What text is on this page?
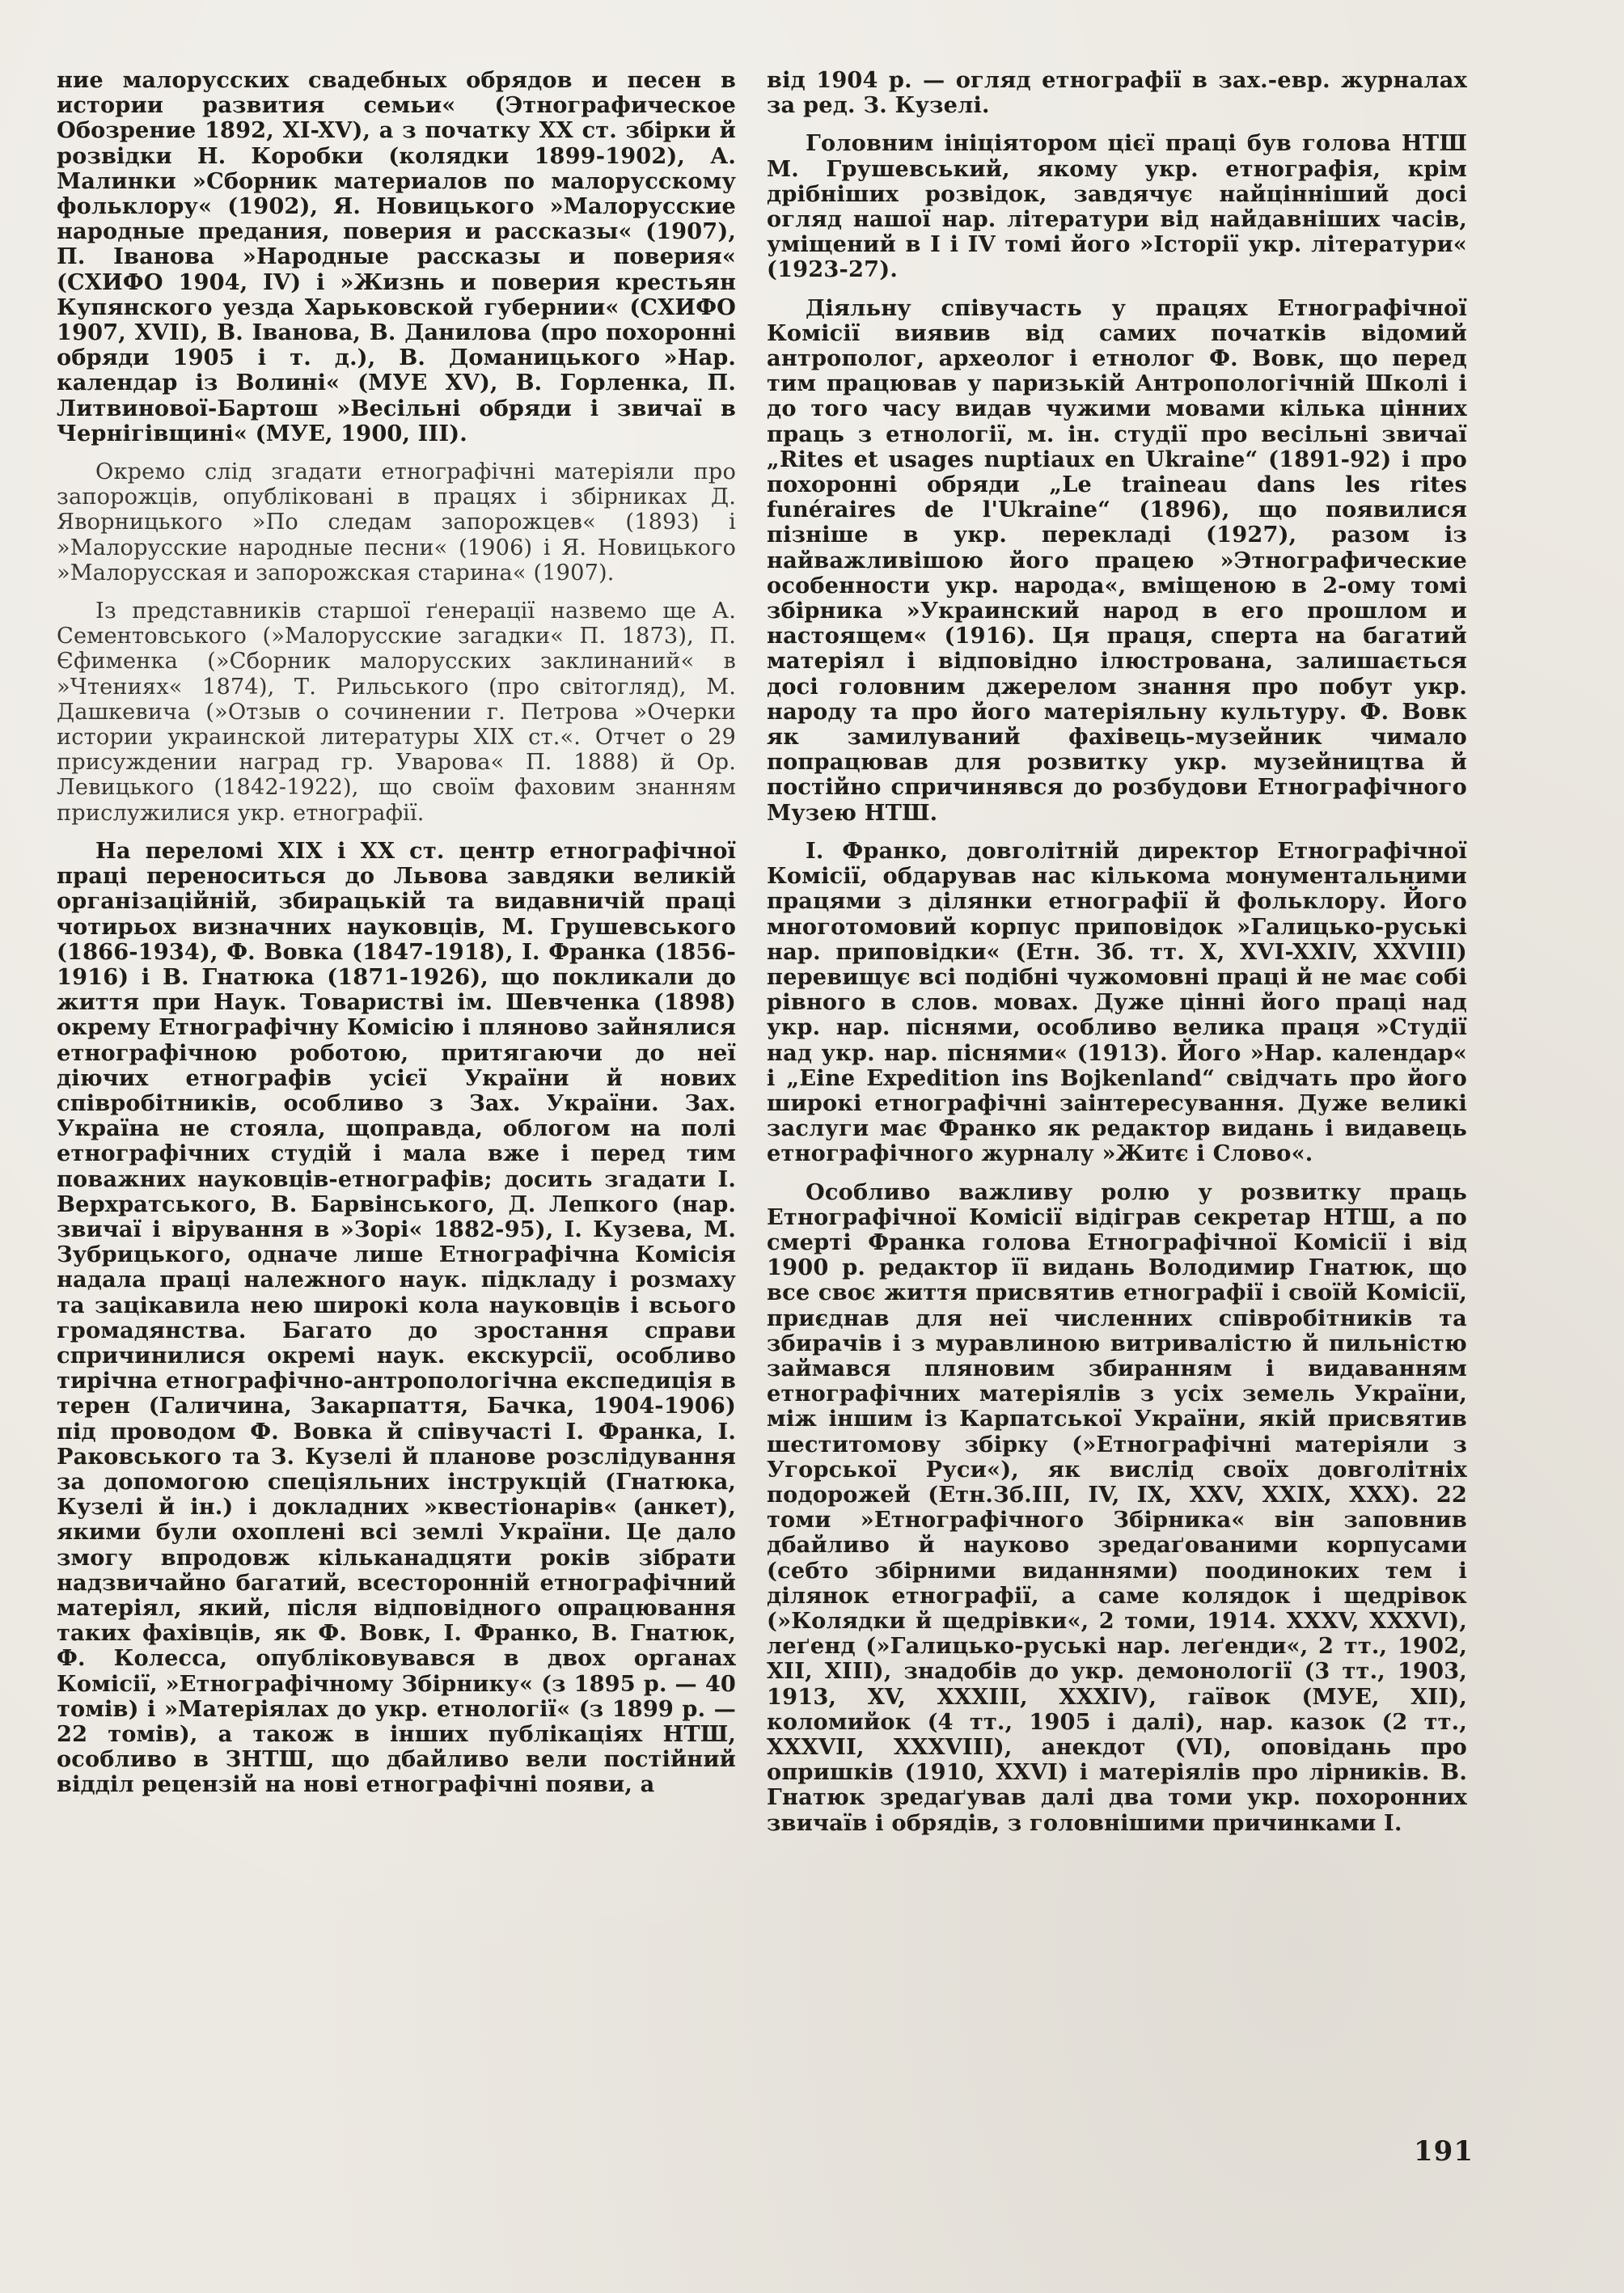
ние малорусских свадебных обрядов и песен в истории развития семьи« (Этнографическое Обозрение 1892, XI-XV), а з початку XX ст. збірки й розвідки Н. Коробки (колядки 1899-1902), А. Малинки »Сборник материалов по малорусскому фольклору« (1902), Я. Новицького »Малорусские народные предания, поверия и рассказы« (1907), П. Іванова »Народные рассказы и поверия« (СХИФО 1904, IV) і »Жизнь и поверия крестьян Купянского уезда Харьковской губернии« (СХИФО 1907, XVII), В. Іванова, В. Данилова (про похоронні обряди 1905 і т. д.), В. Доманицького »Нар. календар із Волині« (МУЕ XV), В. Горленка, П. Литвинової-Бартош »Весільні обряди і звичаї в Чернігівщині« (МУЕ, 1900, III).

Окремо слід згадати етнографічні матеріяли про запорожців, опубліковані в працях і збірниках Д. Яворницького »По следам запорожцев« (1893) і »Малорусские народные песни« (1906) і Я. Новицького »Малорусская и запорожская старина« (1907).

Із представників старшої ґенерації назвемо ще А. Сементовського (»Малорусские загадки« П. 1873), П. Єфименка (»Сборник малорусских заклинаний« в »Чтениях« 1874), Т. Рильського (про світогляд), М. Дашкевича (»Отзыв о сочинении г. Петрова »Очерки истории украинской литературы XIX ст.«. Отчет о 29 присуждении наград гр. Уварова« П. 1888) й Ор. Левицького (1842-1922), що своїм фаховим знанням прислужилися укр. етнографії.

На переломі XIX і XX ст. центр етнографічної праці переноситься до Львова завдяки великій організаційній, збирацькій та видавничій праці чотирьох визначних науковців, М. Грушевського (1866-1934), Ф. Вовка (1847-1918), І. Франка (1856-1916) і В. Гнатюка (1871-1926), що покликали до життя при Наук. Товаристві ім. Шевченка (1898) окрему Етнографічну Комісію і пляново зайнялися етнографічною роботою, притягаючи до неї діючих етнографів усієї України й нових співробітників, особливо з Зах. України. Зах. Україна не стояла, щоправда, облогом на полі етнографічних студій і мала вже і перед тим поважних науковців-етнографів; досить згадати І. Верхратського, В. Барвінського, Д. Лепкого (нар. звичаї і вірування в »Зорі« 1882-95), І. Кузева, М. Зубрицького, одначе лише Етнографічна Комісія надала праці належного наук. підкладу і розмаху та зацікавила нею широкі кола науковців і всього громадянства. Багато до зростання справи спричинилися окремі наук. екскурсії, особливо тирічна етнографічно-антропологічна експедиція в терен (Галичина, Закарпаття, Бачка, 1904-1906) під проводом Ф. Вовка й співучасті І. Франка, І. Раковського та З. Кузелі й планове розслідування за допомогою спеціяльних інструкцій (Гнатюка, Кузелі й ін.) і докладних »квестіонарів« (анкет), якими були охоплені всі землі України. Це дало змогу впродовж кільканадцяти років зібрати надзвичайно багатий, всесторонній етнографічний матеріял, який, після відповідного опрацювання таких фахівців, як Ф. Вовк, І. Франко, В. Гнатюк, Ф. Колесса, опубліковувався в двох органах Комісії, »Етнографічному Збірнику« (з 1895 р. — 40 томів) і »Матеріялах до укр. етнології« (з 1899 р. — 22 томів), а також в інших публікаціях НТШ, особливо в ЗНТШ, що дбайливо вели постійний відділ рецензій на нові етнографічні появи, а

від 1904 р. — огляд етнографії в зах.-евр. журналах за ред. З. Кузелі.

Головним ініціятором цієї праці був голова НТШ М. Грушевський, якому укр. етнографія, крім дрібніших розвідок, завдячує найцінніший досі огляд нашої нар. літератури від найдавніших часів, уміщений в I і IV томі його »Історії укр. літератури« (1923-27).

Діяльну співучасть у працях Етнографічної Комісії виявив від самих початків відомий антрополог, археолог і етнолог Ф. Вовк, що перед тим працював у паризькій Антропологічній Школі і до того часу видав чужими мовами кілька цінних праць з етнології, м. ін. студії про весільні звичаї „Rites et usages nuptiaux en Ukraine“ (1891-92) і про похоронні обряди „Le traineau dans les rites funéraires de l'Ukraine“ (1896), що появилися пізніше в укр. перекладі (1927), разом із найважливішою його працею »Этнографические особенности укр. народа«, вміщеною в 2-ому томі збірника »Украинский народ в его прошлом и настоящем« (1916). Ця праця, сперта на багатий матеріял і відповідно ілюстрована, залишається досі головним джерелом знання про побут укр. народу та про його матеріяльну культуру. Ф. Вовк як замилуваний фахівець-музейник чимало попрацював для розвитку укр. музейництва й постійно спричинявся до розбудови Етнографічного Музею НТШ.

І. Франко, довголітній директор Етнографічної Комісії, обдарував нас кількома монументальними працями з ділянки етнографії й фольклору. Його многотомовий корпус приповідок »Галицько-руські нар. приповідки« (Етн. Зб. тт. X, XVI-XXIV, XXVIII) перевищує всі подібні чужомовні праці й не має собі рівного в слов. мовах. Дуже цінні його праці над укр. нар. піснями, особливо велика праця »Студії над укр. нар. піснями« (1913). Його »Нар. календар« і „Eine Expedition ins Bojkenland“ свідчать про його широкі етнографічні заінтересування. Дуже великі заслуги має Франко як редактор видань і видавець етнографічного журналу »Житє і Слово«.

Особливо важливу ролю у розвитку праць Етнографічної Комісії відіграв секретар НТШ, а по смерті Франка голова Етнографічної Комісії і від 1900 р. редактор її видань Володимир Гнатюк, що все своє життя присвятив етнографії і своїй Комісії, приєднав для неї численних співробітників та збирачів і з муравлиною витривалістю й пильністю займався пляновим збиранням і видаванням етнографічних матеріялів з усіх земель України, між іншим із Карпатської України, якій присвятив шеститомову збірку (»Етнографічні матеріяли з Угорської Руси«), як вислід своїх довголітніх подорожей (Етн.Зб.III, IV, IX, XXV, XXIX, XXX). 22 томи »Етнографічного Збірника« він заповнив дбайливо й науково зредаґованими корпусами (себто збірними виданнями) поодиноких тем і ділянок етнографії, а саме колядок і щедрівок (»Колядки й щедрівки«, 2 томи, 1914. XXXV, XXXVI), леґенд (»Галицько-руські нар. леґенди«, 2 тт., 1902, XII, XIII), знадобів до укр. демонології (3 тт., 1903, 1913, XV, XXXIII, XXXIV), гаївок (МУЕ, XII), коломийок (4 тт., 1905 і далі), нар. казок (2 тт., XXXVII, XXXVIII), анекдот (VI), оповідань про опришків (1910, XXVI) і матеріялів про лірників. В. Гнатюк зредаґував далі два томи укр. похоронних звичаїв і обрядів, з головнішими причинками І.

191
